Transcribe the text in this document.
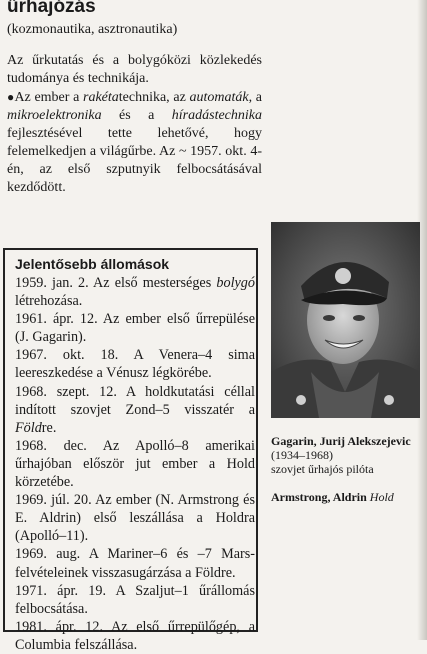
űrhajózás
(kozmonautika, asztronautika)
Az űrkutatás és a bolygóközi közlekedés tudománya és technikája.
●Az ember a rakétatechnika, az automaták, a mikroelektronika és a híradástechnika fejlesztésével tette lehetővé, hogy felemelkedjen a világűrbe. Az ~ 1957. okt. 4-én, az első szputnyik felbocsátásával kezdődött.
Jelentősebb állomások
1959. jan. 2. Az első mesterséges bolygó létrehozása.
1961. ápr. 12. Az ember első űrrepülése (J. Gagarin).
1967. okt. 18. A Venera–4 sima leereszkedése a Vénusz légkörébe.
1968. szept. 12. A holdkutatási céllal indított szovjet Zond–5 visszatér a Földre.
1968. dec. Az Apolló–8 amerikai űrhajóban először jut ember a Hold körzetébe.
1969. júl. 20. Az ember (N. Armstrong és E. Aldrin) első leszállása a Holdra (Apolló–11).
1969. aug. A Mariner–6 és –7 Mars-felvételeinek visszasugárzása a Földre.
1971. ápr. 19. A Szaljut–1 űrállomás felbocsátása.
1981. ápr. 12. Az első űrrepülőgép, a Columbia felszállása.
Gagarin, Jurij Alekszejevic
(1934–1968)
szovjet űrhajós pilóta
Armstrong, Aldrin Hold
